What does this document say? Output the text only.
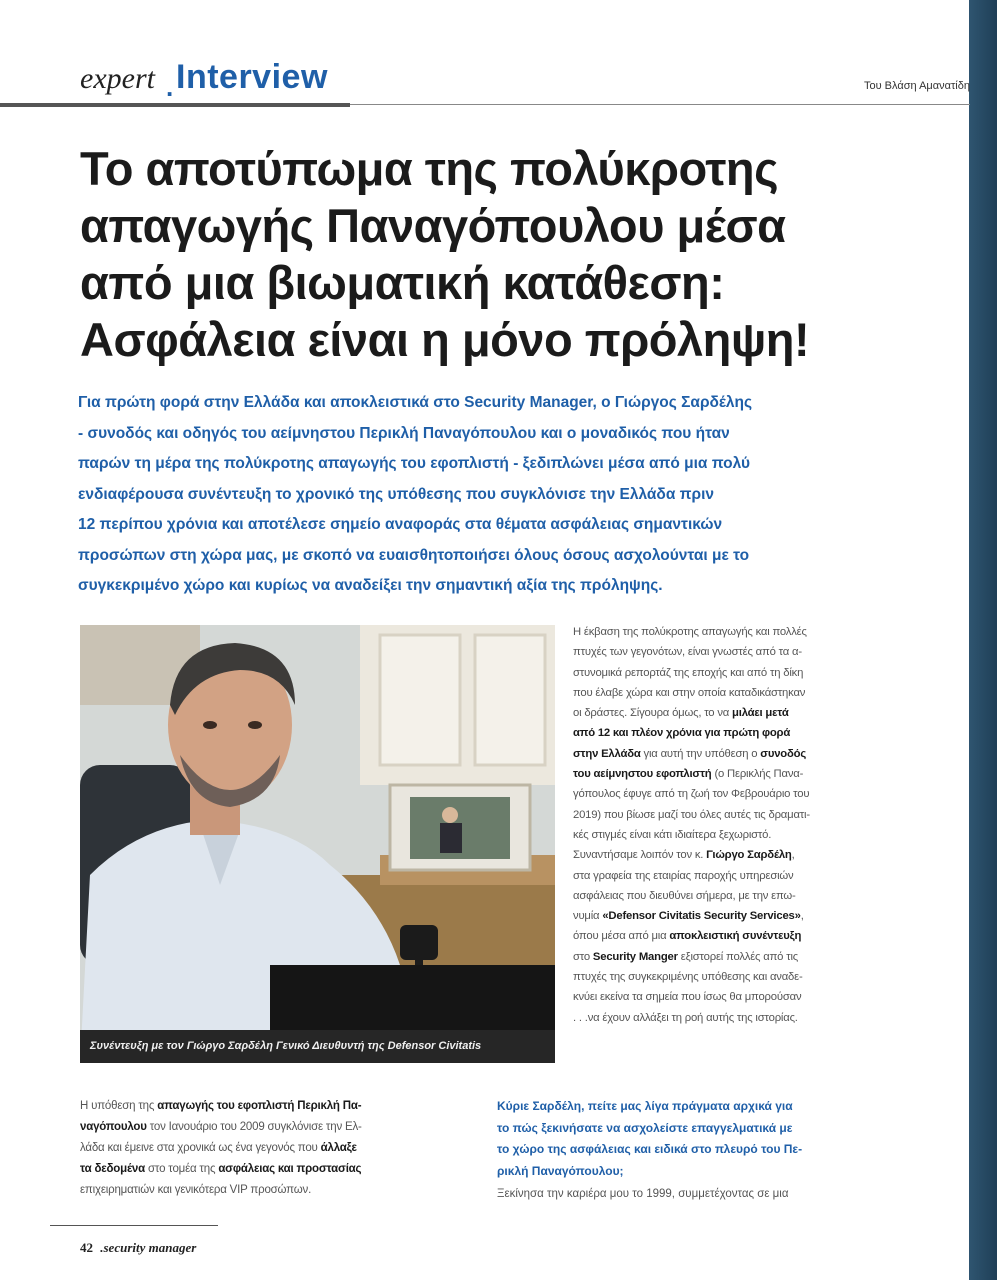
expert . Interview	Του Βλάση Αμανατίδη
Το αποτύπωμα της πολύκροτης
απαγωγής Παναγόπουλου μέσα
από μια βιωματική κατάθεση:
Ασφάλεια είναι η μόνο πρόληψη!
Για πρώτη φορά στην Ελλάδα και αποκλειστικά στο Security Manager, ο Γιώργος Σαρδέλης
- συνοδός και οδηγός του αείμνηστου Περικλή Παναγόπουλου και ο μοναδικός που ήταν
παρών τη μέρα της πολύκροτης απαγωγής του εφοπλιστή - ξεδιπλώνει μέσα από μια πολύ
ενδιαφέρουσα συνέντευξη το χρονικό της υπόθεσης που συγκλόνισε την Ελλάδα πριν
12 περίπου χρόνια και αποτέλεσε σημείο αναφοράς στα θέματα ασφάλειας σημαντικών
προσώπων στη χώρα μας, με σκοπό να ευαισθητοποιήσει όλους όσους ασχολούνται με το
συγκεκριμένο χώρο και κυρίως να αναδείξει την σημαντική αξία της πρόληψης.
Συνέντευξη με τον Γιώργο Σαρδέλη Γενικό Διευθυντή της Defensor Civitatis
Η έκβαση της πολύκροτης απαγωγής και πολλές
πτυχές των γεγονότων, είναι γνωστές από τα α-
στυνομικά ρεπορτάζ της εποχής και από τη δίκη
που έλαβε χώρα και στην οποία καταδικάστηκαν
οι δράστες. Σίγουρα όμως, το να μιλάει μετά
από 12 και πλέον χρόνια για πρώτη φορά
στην Ελλάδα για αυτή την υπόθεση ο συνοδός
του αείμνηστου εφοπλιστή (ο Περικλής Πανα-
γόπουλος έφυγε από τη ζωή τον Φεβρουάριο του
2019) που βίωσε μαζί του όλες αυτές τις δραματι-
κές στιγμές είναι κάτι ιδιαίτερα ξεχωριστό.
Συναντήσαμε λοιπόν τον κ. Γιώργο Σαρδέλη,
στα γραφεία της εταιρίας παροχής υπηρεσιών
ασφάλειας που διευθύνει σήμερα, με την επω-
νυμία «Defensor Civitatis Security Services»,
όπου μέσα από μια αποκλειστική συνέντευξη
στο Security Manger εξιστορεί πολλές από τις
πτυχές της συγκεκριμένης υπόθεσης και αναδε-
κνύει εκείνα τα σημεία που ίσως θα μπορούσαν
. . .να έχουν αλλάξει τη ροή αυτής της ιστορίας.
Η υπόθεση της απαγωγής του εφοπλιστή Περικλή Πα-
ναγόπουλου τον Ιανουάριο του 2009 συγκλόνισε την Ελ-
λάδα και έμεινε στα χρονικά ως ένα γεγονός που άλλαξε
τα δεδομένα στο τομέα της ασφάλειας και προστασίας
επιχειρηματιών και γενικότερα VIP προσώπων.
Κύριε Σαρδέλη, πείτε μας λίγα πράγματα αρχικά για
το πώς ξεκινήσατε να ασχολείστε επαγγελματικά με
το χώρο της ασφάλειας και ειδικά στο πλευρό του Πε-
ρικλή Παναγόπουλου;
Ξεκίνησα την καριέρα μου το 1999, συμμετέχοντας σε μια
42 .security manager
